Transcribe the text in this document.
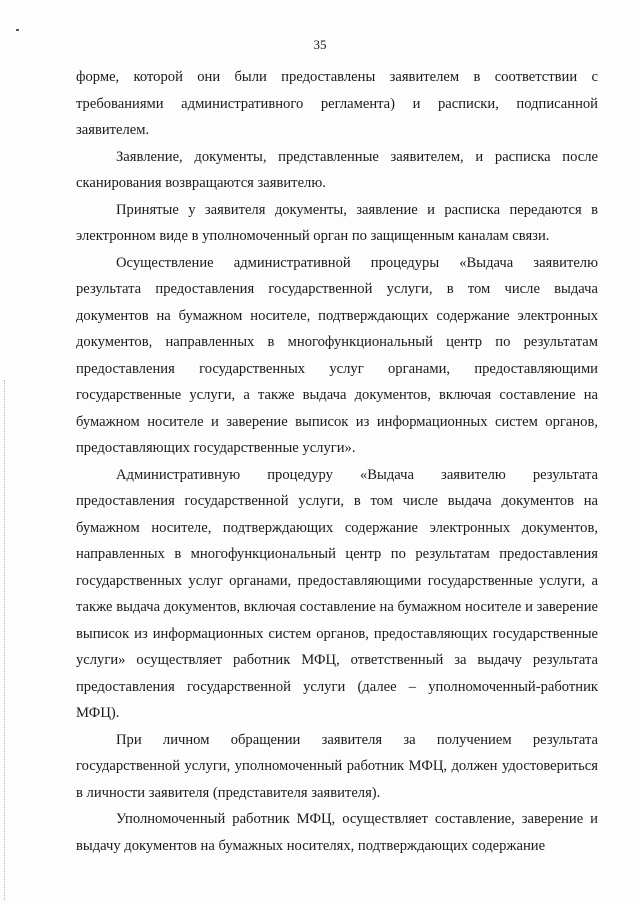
35

форме, которой они были предоставлены заявителем в соответствии с требованиями административного регламента) и расписки, подписанной заявителем.

Заявление, документы, представленные заявителем, и расписка после сканирования возвращаются заявителю.

Принятые у заявителя документы, заявление и расписка передаются в электронном виде в уполномоченный орган по защищенным каналам связи.

Осуществление административной процедуры «Выдача заявителю результата предоставления государственной услуги, в том числе выдача документов на бумажном носителе, подтверждающих содержание электронных документов, направленных в многофункциональный центр по результатам предоставления государственных услуг органами, предоставляющими государственные услуги, а также выдача документов, включая составление на бумажном носителе и заверение выписок из информационных систем органов, предоставляющих государственные услуги».

Административную процедуру «Выдача заявителю результата предоставления государственной услуги, в том числе выдача документов на бумажном носителе, подтверждающих содержание электронных документов, направленных в многофункциональный центр по результатам предоставления государственных услуг органами, предоставляющими государственные услуги, а также выдача документов, включая составление на бумажном носителе и заверение выписок из информационных систем органов, предоставляющих государственные услуги» осуществляет работник МФЦ, ответственный за выдачу результата предоставления государственной услуги (далее – уполномоченный-работник МФЦ).

При личном обращении заявителя за получением результата государственной услуги, уполномоченный работник МФЦ, должен удостовериться в личности заявителя (представителя заявителя).

Уполномоченный работник МФЦ, осуществляет составление, заверение и выдачу документов на бумажных носителях, подтверждающих содержание
